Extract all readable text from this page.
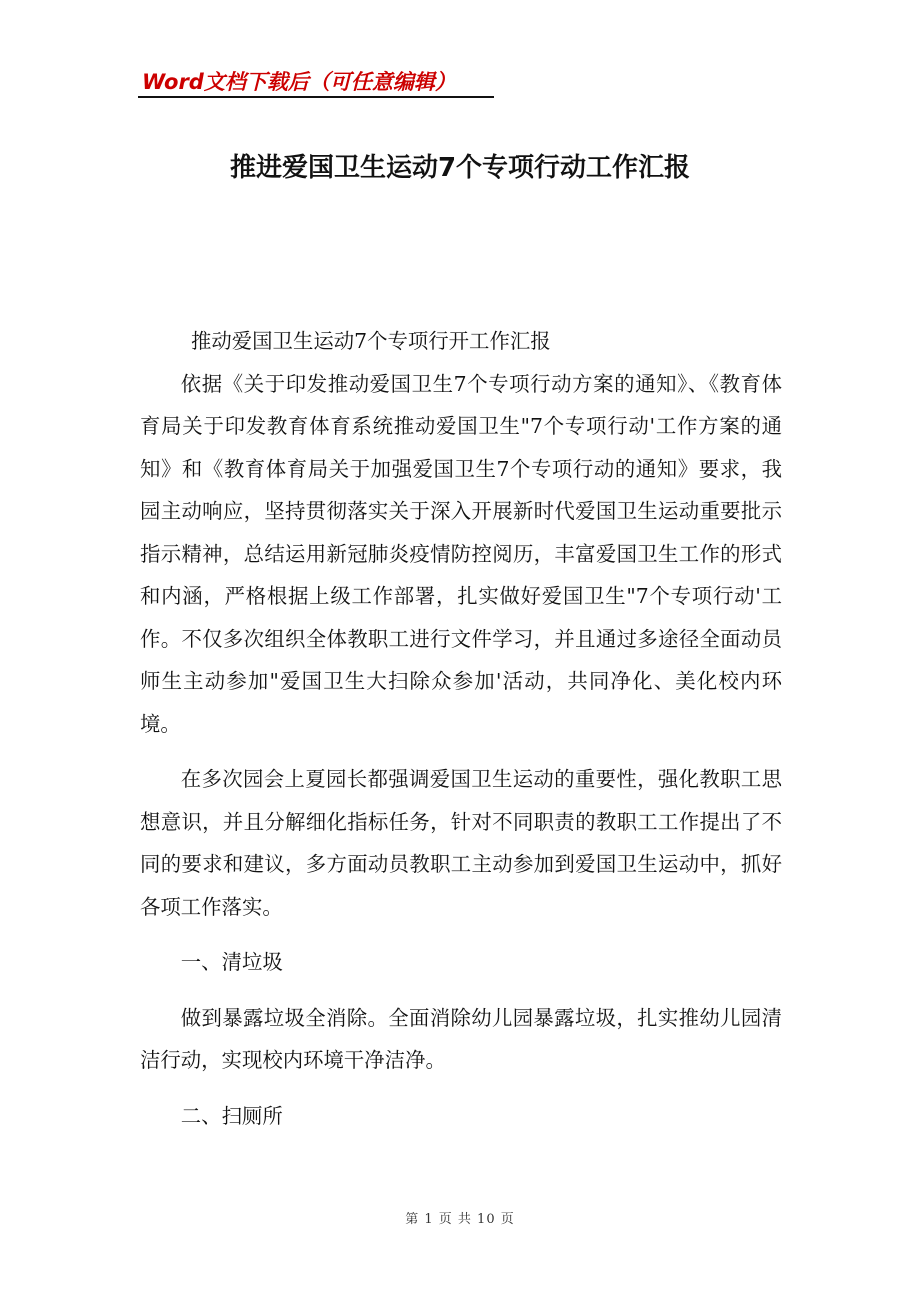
Word文档下载后（可任意编辑）
推进爱国卫生运动7个专项行动工作汇报

推动爱国卫生运动7个专项行开工作汇报

依据《关于印发推动爱国卫生7个专项行动方案的通知》、《教育体育局关于印发教育体育系统推动爱国卫生"7个专项行动'工作方案的通知》和《教育体育局关于加强爱国卫生7个专项行动的通知》要求，我园主动响应，坚持贯彻落实关于深入开展新时代爱国卫生运动重要批示指示精神，总结运用新冠肺炎疫情防控阅历，丰富爱国卫生工作的形式和内涵，严格根据上级工作部署，扎实做好爱国卫生"7个专项行动'工作。不仅多次组织全体教职工进行文件学习，并且通过多途径全面动员师生主动参加"爱国卫生大扫除众参加'活动，共同净化、美化校内环境。

在多次园会上夏园长都强调爱国卫生运动的重要性，强化教职工思想意识，并且分解细化指标任务，针对不同职责的教职工工作提出了不同的要求和建议，多方面动员教职工主动参加到爱国卫生运动中，抓好各项工作落实。

一、清垃圾

做到暴露垃圾全消除。全面消除幼儿园暴露垃圾，扎实推幼儿园清洁行动，实现校内环境干净洁净。

二、扫厕所

第 1 页 共 10 页
